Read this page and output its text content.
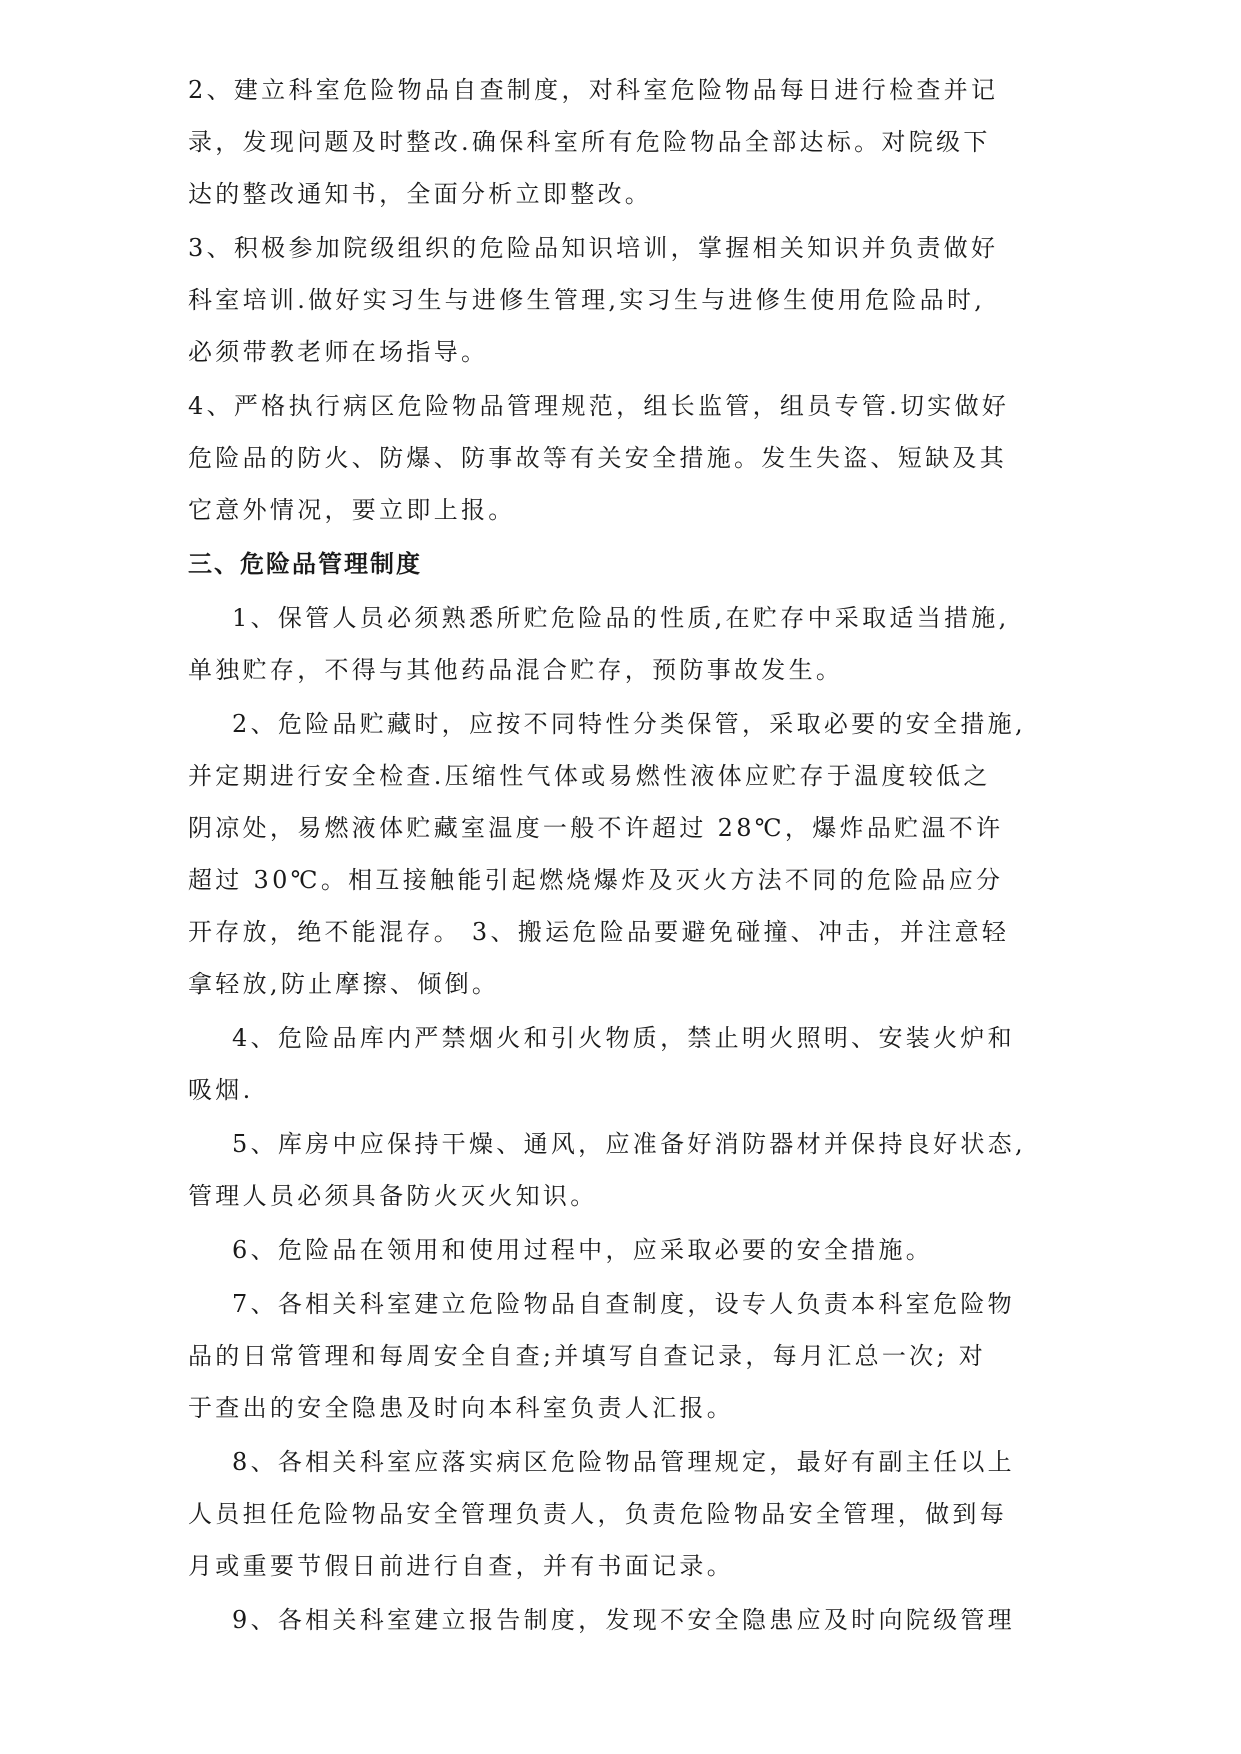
2、建立科室危险物品自查制度，对科室危险物品每日进行检查并记
录，发现问题及时整改.确保科室所有危险物品全部达标。对院级下
达的整改通知书，全面分析立即整改。
3、积极参加院级组织的危险品知识培训，掌握相关知识并负责做好
科室培训.做好实习生与进修生管理,实习生与进修生使用危险品时,
必须带教老师在场指导。
4、严格执行病区危险物品管理规范，组长监管，组员专管.切实做好
危险品的防火、防爆、防事故等有关安全措施。发生失盗、短缺及其
它意外情况，要立即上报。
三、危险品管理制度
1、保管人员必须熟悉所贮危险品的性质,在贮存中采取适当措施,
单独贮存，不得与其他药品混合贮存，预防事故发生。
2、危险品贮藏时，应按不同特性分类保管，采取必要的安全措施,
并定期进行安全检查.压缩性气体或易燃性液体应贮存于温度较低之
阴凉处，易燃液体贮藏室温度一般不许超过 28℃，爆炸品贮温不许
超过 30℃。相互接触能引起燃烧爆炸及灭火方法不同的危险品应分
开存放，绝不能混存。 3、搬运危险品要避免碰撞、冲击，并注意轻
拿轻放,防止摩擦、倾倒。
4、危险品库内严禁烟火和引火物质，禁止明火照明、安装火炉和
吸烟.
5、库房中应保持干燥、通风，应准备好消防器材并保持良好状态,
管理人员必须具备防火灭火知识。
6、危险品在领用和使用过程中，应采取必要的安全措施。
7、各相关科室建立危险物品自查制度，设专人负责本科室危险物
品的日常管理和每周安全自查;并填写自查记录，每月汇总一次; 对
于查出的安全隐患及时向本科室负责人汇报。
8、各相关科室应落实病区危险物品管理规定，最好有副主任以上
人员担任危险物品安全管理负责人，负责危险物品安全管理，做到每
月或重要节假日前进行自查，并有书面记录。
9、各相关科室建立报告制度，发现不安全隐患应及时向院级管理
